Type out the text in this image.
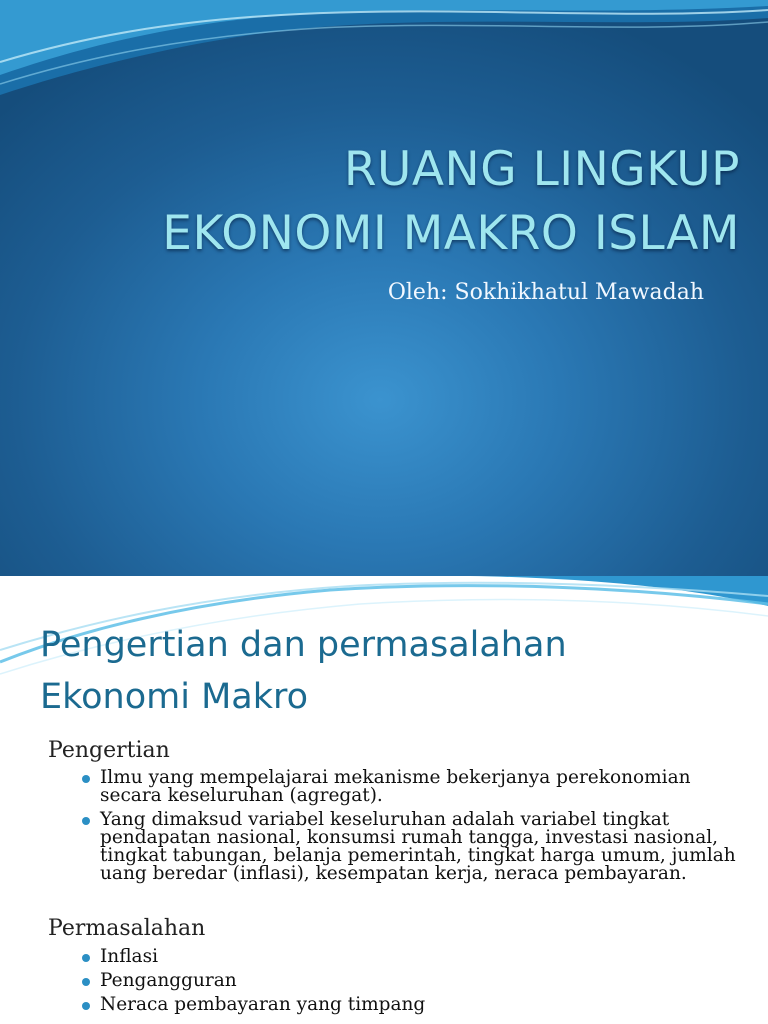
RUANG LINGKUP
EKONOMI MAKRO ISLAM

Oleh: Sokhikhatul Mawadah

Pengertian dan permasalahan
Ekonomi Makro

Pengertian

Ilmu yang mempelajarai mekanisme bekerjanya perekonomian secara keseluruhan (agregat).
Yang dimaksud variabel keseluruhan adalah variabel tingkat pendapatan nasional, konsumsi rumah tangga, investasi nasional, tingkat tabungan, belanja pemerintah, tingkat harga umum, jumlah uang beredar (inflasi), kesempatan kerja, neraca pembayaran.

Permasalahan

Inflasi
Pengangguran
Neraca pembayaran yang timpang
